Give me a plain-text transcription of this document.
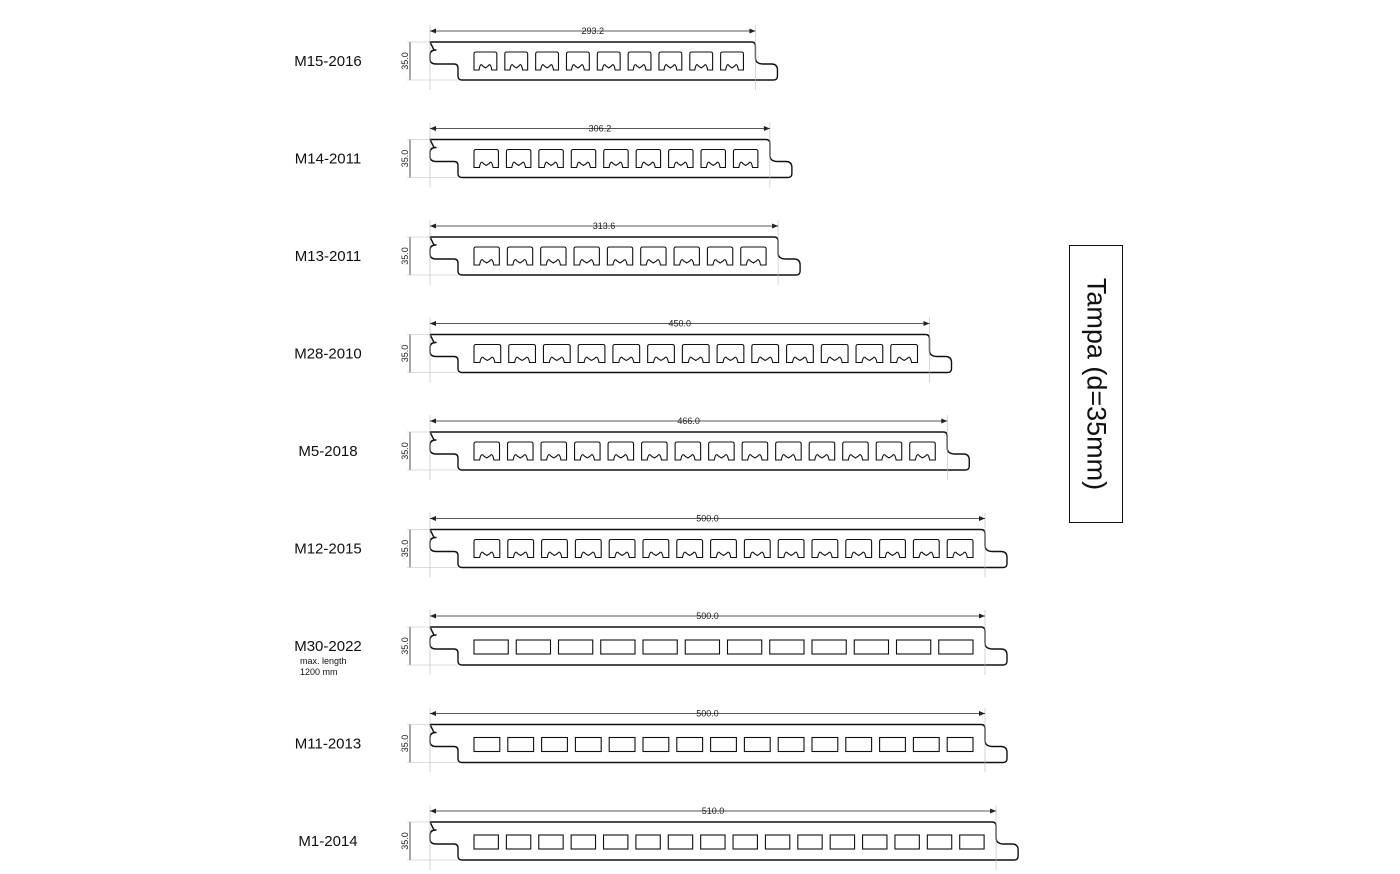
M15-2016
293.2
35.0
M14-2011
306.2
35.0
M13-2011
313.6
35.0
M28-2010
450.0
35.0
M5-2018
466.0
35.0
M12-2015
500.0
35.0
M30-2022
max. length
1200 mm
500.0
35.0
M11-2013
500.0
35.0
M1-2014
510.0
35.0
Tampa (d=35mm)
